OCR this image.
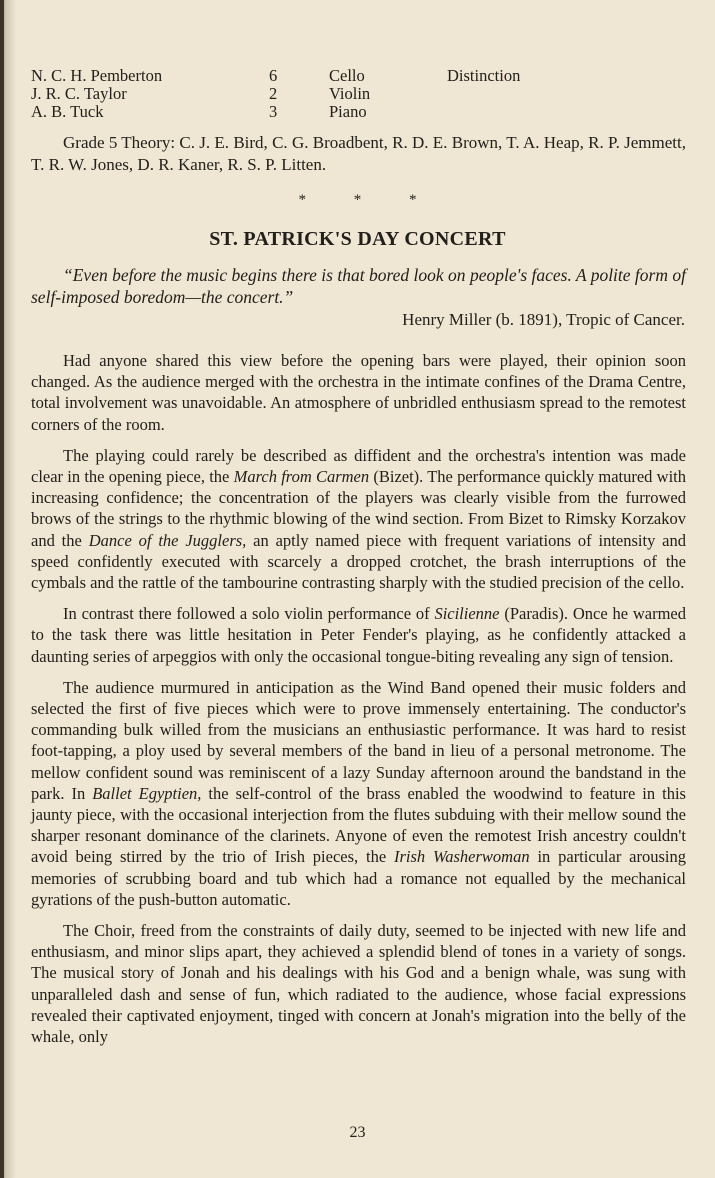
N. C. H. Pemberton	6	Cello	Distinction
J. R. C. Taylor	2	Violin
A. B. Tuck	3	Piano

Grade 5 Theory: C. J. E. Bird, C. G. Broadbent, R. D. E. Brown, T. A. Heap, R. P. Jemmett, T. R. W. Jones, D. R. Kaner, R. S. P. Litten.

* * *
ST. PATRICK'S DAY CONCERT

“Even before the music begins there is that bored look on people's faces. A polite form of self-imposed boredom—the concert.”

Henry Miller (b. 1891), Tropic of Cancer.

Had anyone shared this view before the opening bars were played, their opinion soon changed. As the audience merged with the orchestra in the intimate confines of the Drama Centre, total involvement was unavoidable. An atmosphere of unbridled enthusiasm spread to the remotest corners of the room.

The playing could rarely be described as diffident and the orchestra's intention was made clear in the opening piece, the March from Carmen (Bizet). The performance quickly matured with increasing confidence; the concentration of the players was clearly visible from the furrowed brows of the strings to the rhythmic blowing of the wind section. From Bizet to Rimsky Korzakov and the Dance of the Jugglers, an aptly named piece with frequent variations of intensity and speed confidently executed with scarcely a dropped crotchet, the brash interruptions of the cymbals and the rattle of the tambourine contrasting sharply with the studied precision of the cello.

In contrast there followed a solo violin performance of Sicilienne (Paradis). Once he warmed to the task there was little hesitation in Peter Fender's playing, as he confidently attacked a daunting series of arpeggios with only the occasional tongue-biting revealing any sign of tension.

The audience murmured in anticipation as the Wind Band opened their music folders and selected the first of five pieces which were to prove immensely entertaining. The conductor's commanding bulk willed from the musicians an enthusiastic performance. It was hard to resist foot-tapping, a ploy used by several members of the band in lieu of a personal metronome. The mellow confident sound was reminiscent of a lazy Sunday afternoon around the bandstand in the park. In Ballet Egyptien, the self-control of the brass enabled the woodwind to feature in this jaunty piece, with the occasional interjection from the flutes subduing with their mellow sound the sharper resonant dominance of the clarinets. Anyone of even the remotest Irish ancestry couldn't avoid being stirred by the trio of Irish pieces, the Irish Washerwoman in particular arousing memories of scrubbing board and tub which had a romance not equalled by the mechanical gyrations of the push-button automatic.

The Choir, freed from the constraints of daily duty, seemed to be injected with new life and enthusiasm, and minor slips apart, they achieved a splendid blend of tones in a variety of songs. The musical story of Jonah and his dealings with his God and a benign whale, was sung with unparalleled dash and sense of fun, which radiated to the audience, whose facial expressions revealed their captivated enjoyment, tinged with concern at Jonah's migration into the belly of the whale, only

23
